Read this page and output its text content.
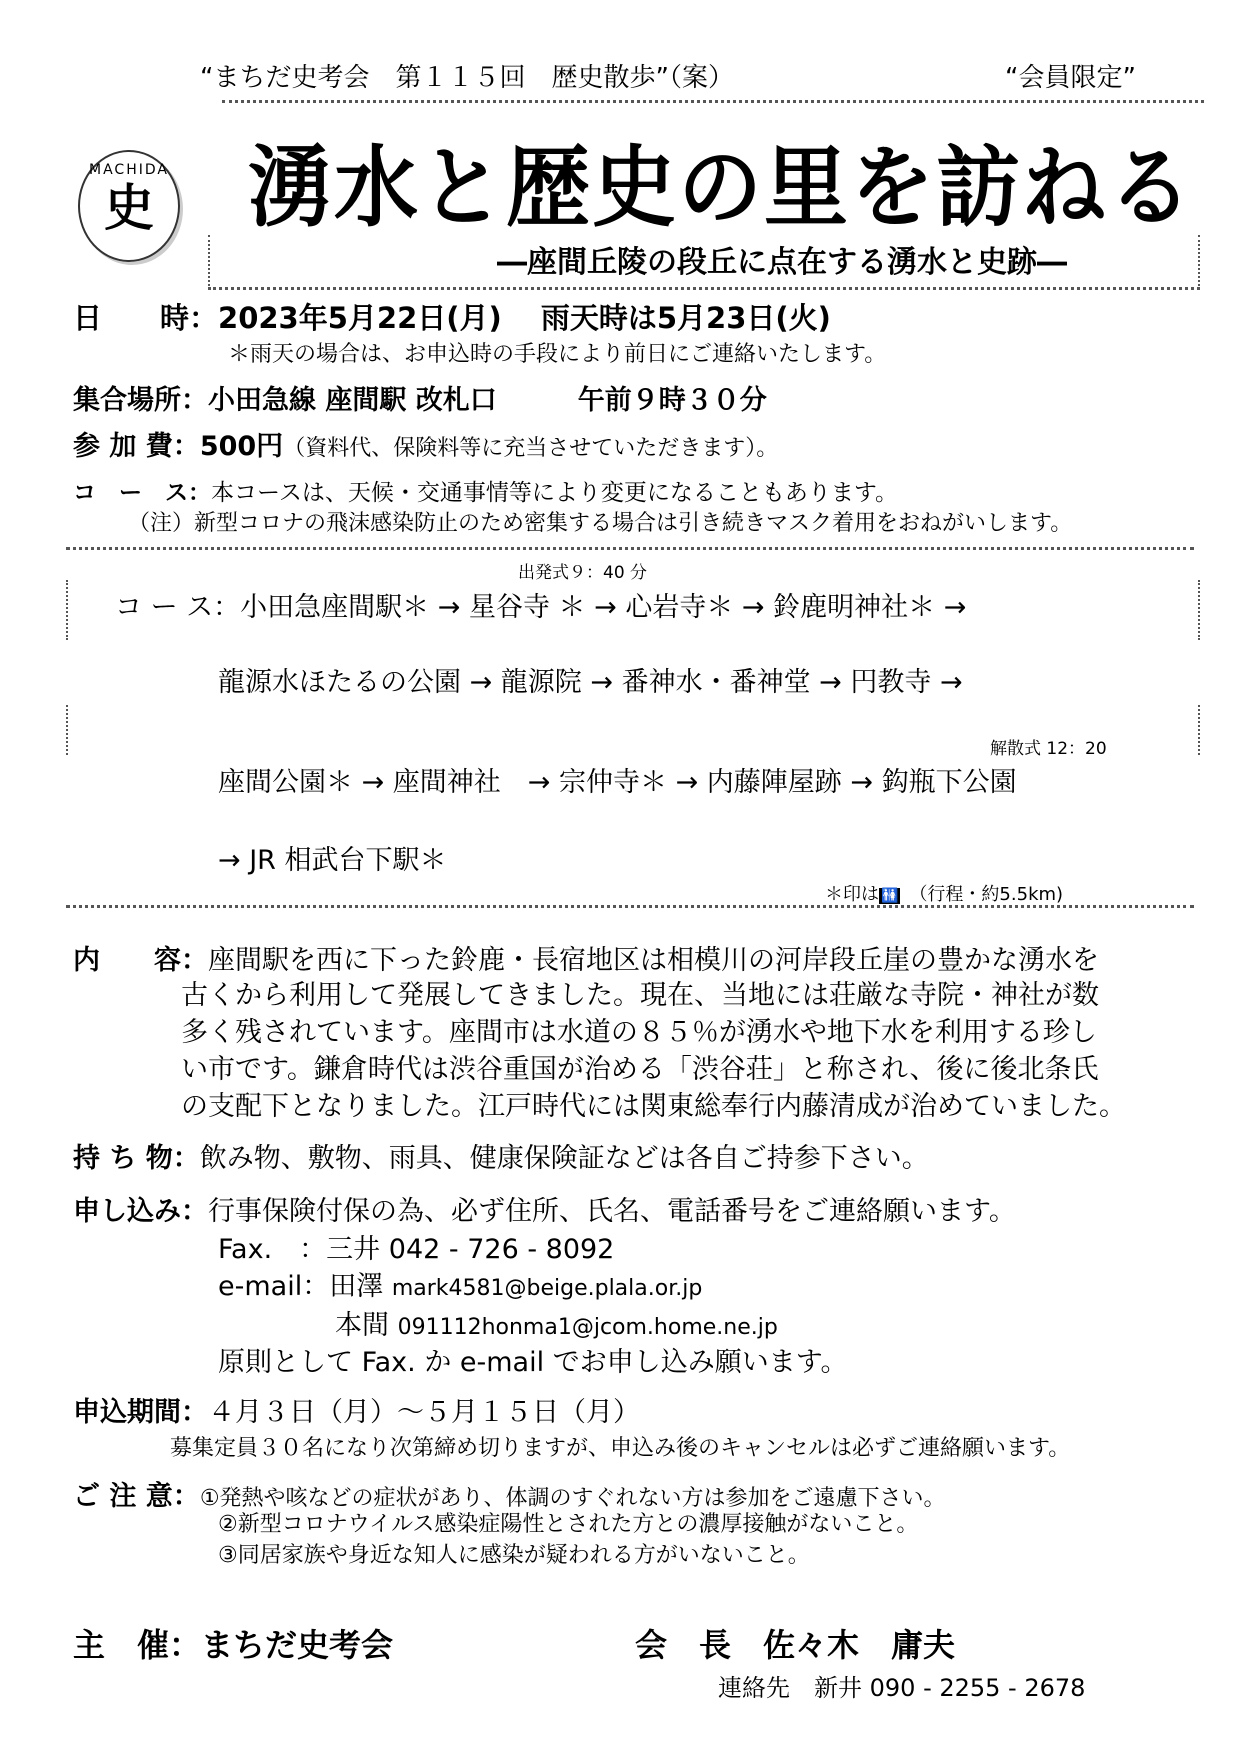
“まちだ史考会　第１１５回　歴史散歩”（案）	“会員限定”
MACHIDA
史 湧水と歴史の里を訪ねる
―座間丘陵の段丘に点在する湧水と史跡―
日　　時：2023年5月22日(月)　 雨天時は5月23日(火)
＊雨天の場合は、お申込時の手段により前日にご連絡いたします。
集合場所：小田急線 座間駅 改札口　　　午前９時３０分
参 加 費：500円（資料代、保険料等に充当させていただきます）。
コ　ー　ス：本コースは、天候・交通事情等により変更になることもあります。
（注）新型コロナの飛沫感染防止のため密集する場合は引き続きマスク着用をおねがいします。
出発式９：40 分
コ ー ス：小田急座間駅＊ → 星谷寺 ＊ → 心岩寺＊ → 鈴鹿明神社＊ →
龍源水ほたるの公園 → 龍源院 → 番神水・番神堂 → 円教寺 →
解散式 12：20
座間公園＊ → 座間神社　→ 宗仲寺＊ → 内藤陣屋跡 → 鈎瓶下公園
→ JR 相武台下駅＊
＊印は 🚻　 （行程・約5.5km)
内　　容：座間駅を西に下った鈴鹿・長宿地区は相模川の河岸段丘崖の豊かな湧水を
古くから利用して発展してきました。現在、当地には荘厳な寺院・神社が数
多く残されています。座間市は水道の８５％が湧水や地下水を利用する珍し
い市です。鎌倉時代は渋谷重国が治める「渋谷荘」と称され、後に後北条氏
の支配下となりました。江戸時代には関東総奉行内藤清成が治めていました。
持 ち 物：飲み物、敷物、雨具、健康保険証などは各自ご持参下さい。
申し込み：行事保険付保の為、必ず住所、氏名、電話番号をご連絡願います。
Fax.　：三井 042 - 726 - 8092
e-mail：田澤 mark4581@beige.plala.or.jp
本間 091112honma1@jcom.home.ne.jp
原則として Fax. か e-mail でお申し込み願います。
申込期間：４月３日（月）～５月１５日（月）
募集定員３０名になり次第締め切りますが、申込み後のキャンセルは必ずご連絡願います。
ご 注 意：①発熱や咳などの症状があり、体調のすぐれない方は参加をご遠慮下さい。
②新型コロナウイルス感染症陽性とされた方との濃厚接触がないこと。
③同居家族や身近な知人に感染が疑われる方がいないこと。
主　催：まちだ史考会	会　長　佐々木　庸夫
連絡先　新井 090 - 2255 - 2678
